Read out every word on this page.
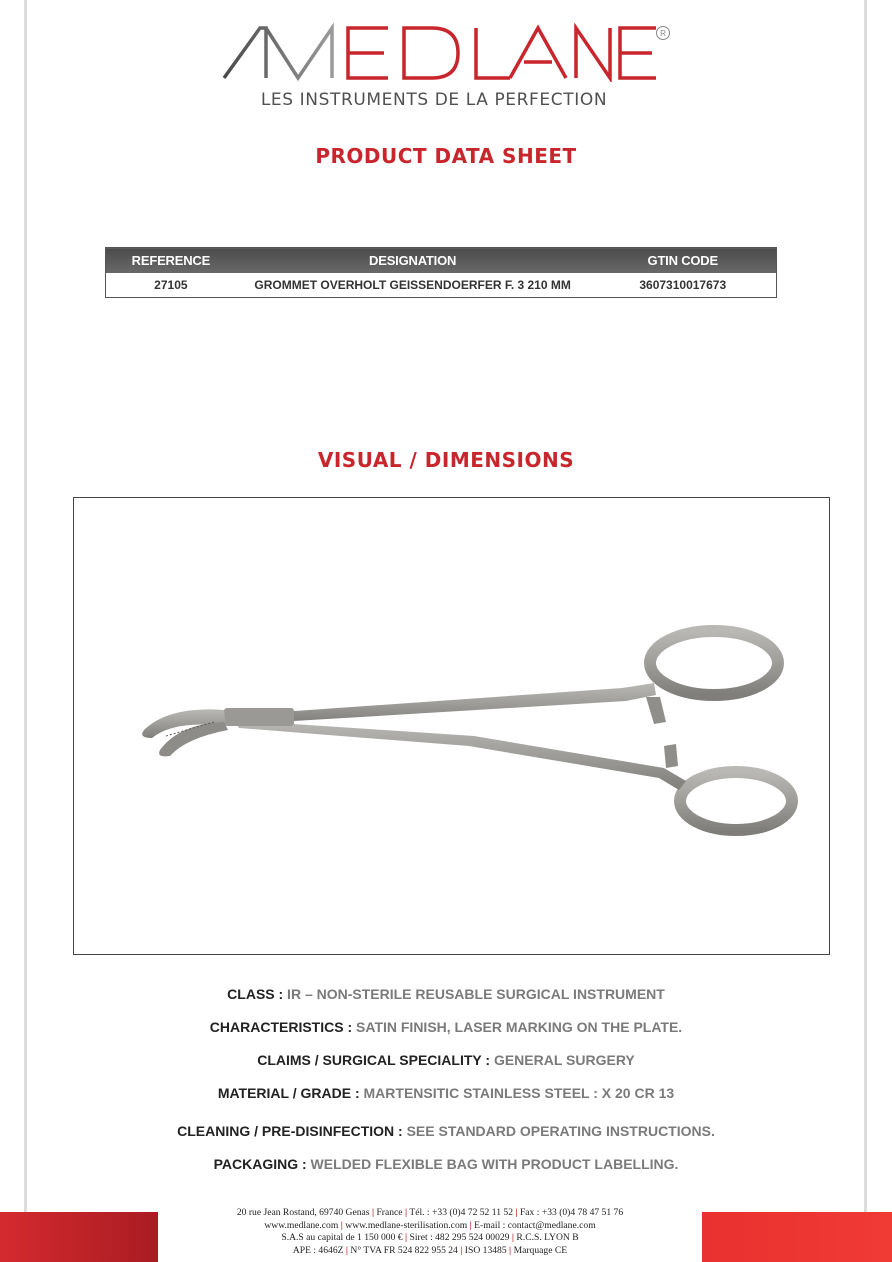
R
LES INSTRUMENTS DE LA PERFECTION
PRODUCT DATA SHEET
REFERENCE	DESIGNATION	GTIN CODE
27105	GROMMET OVERHOLT GEISSENDOERFER F. 3 210 MM	3607310017673
VISUAL / DIMENSIONS
CLASS : IR – NON-STERILE REUSABLE SURGICAL INSTRUMENT
CHARACTERISTICS : SATIN FINISH, LASER MARKING ON THE PLATE.
CLAIMS / SURGICAL SPECIALITY : GENERAL SURGERY
MATERIAL / GRADE : MARTENSITIC STAINLESS STEEL : X 20 CR 13
CLEANING / PRE-DISINFECTION : SEE STANDARD OPERATING INSTRUCTIONS.
PACKAGING : WELDED FLEXIBLE BAG WITH PRODUCT LABELLING.
20 rue Jean Rostand, 69740 Genas | France | Tél. : +33 (0)4 72 52 11 52 | Fax : +33 (0)4 78 47 51 76
www.medlane.com | www.medlane-sterilisation.com | E-mail : contact@medlane.com
S.A.S au capital de 1 150 000 € | Siret : 482 295 524 00029 | R.C.S. LYON B
APE : 4646Z | N° TVA FR 524 822 955 24 | ISO 13485 | Marquage CE
